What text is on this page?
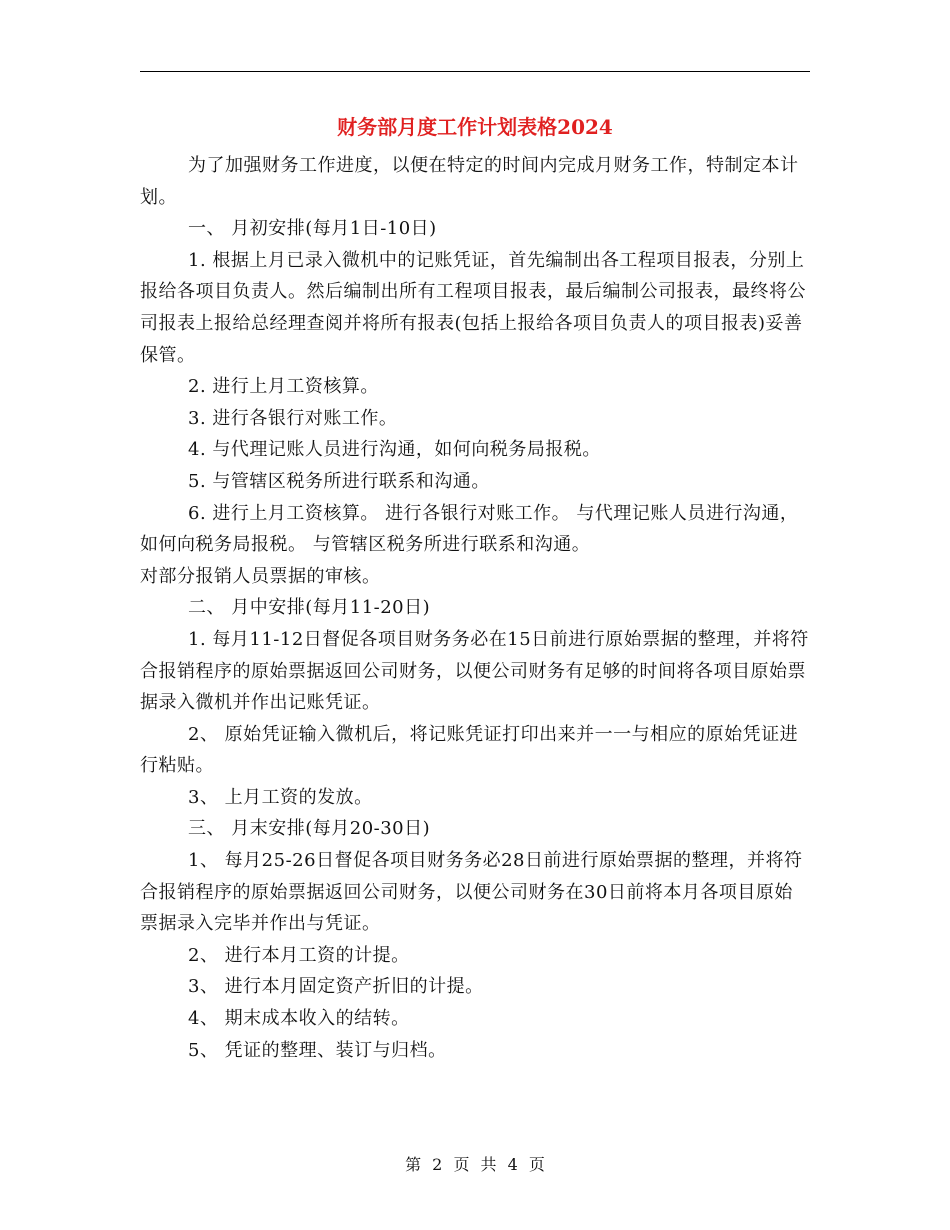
财务部月度工作计划表格2024

为了加强财务工作进度，以便在特定的时间内完成月财务工作，特制定本计划。

一、 月初安排(每月1日-10日)

1. 根据上月已录入微机中的记账凭证，首先编制出各工程项目报表，分别上报给各项目负责人。然后编制出所有工程项目报表，最后编制公司报表，最终将公司报表上报给总经理查阅并将所有报表(包括上报给各项目负责人的项目报表)妥善保管。

2. 进行上月工资核算。

3. 进行各银行对账工作。

4. 与代理记账人员进行沟通，如何向税务局报税。

5. 与管辖区税务所进行联系和沟通。

6. 进行上月工资核算。 进行各银行对账工作。 与代理记账人员进行沟通，如何向税务局报税。 与管辖区税务所进行联系和沟通。

对部分报销人员票据的审核。

二、 月中安排(每月11-20日)

1. 每月11-12日督促各项目财务务必在15日前进行原始票据的整理，并将符合报销程序的原始票据返回公司财务，以便公司财务有足够的时间将各项目原始票据录入微机并作出记账凭证。

2、 原始凭证输入微机后，将记账凭证打印出来并一一与相应的原始凭证进行粘贴。

3、 上月工资的发放。

三、 月末安排(每月20-30日)

1、 每月25-26日督促各项目财务务必28日前进行原始票据的整理，并将符合报销程序的原始票据返回公司财务，以便公司财务在30日前将本月各项目原始票据录入完毕并作出与凭证。

2、 进行本月工资的计提。

3、 进行本月固定资产折旧的计提。

4、 期末成本收入的结转。

5、 凭证的整理、装订与归档。

第 2 页 共 4 页
